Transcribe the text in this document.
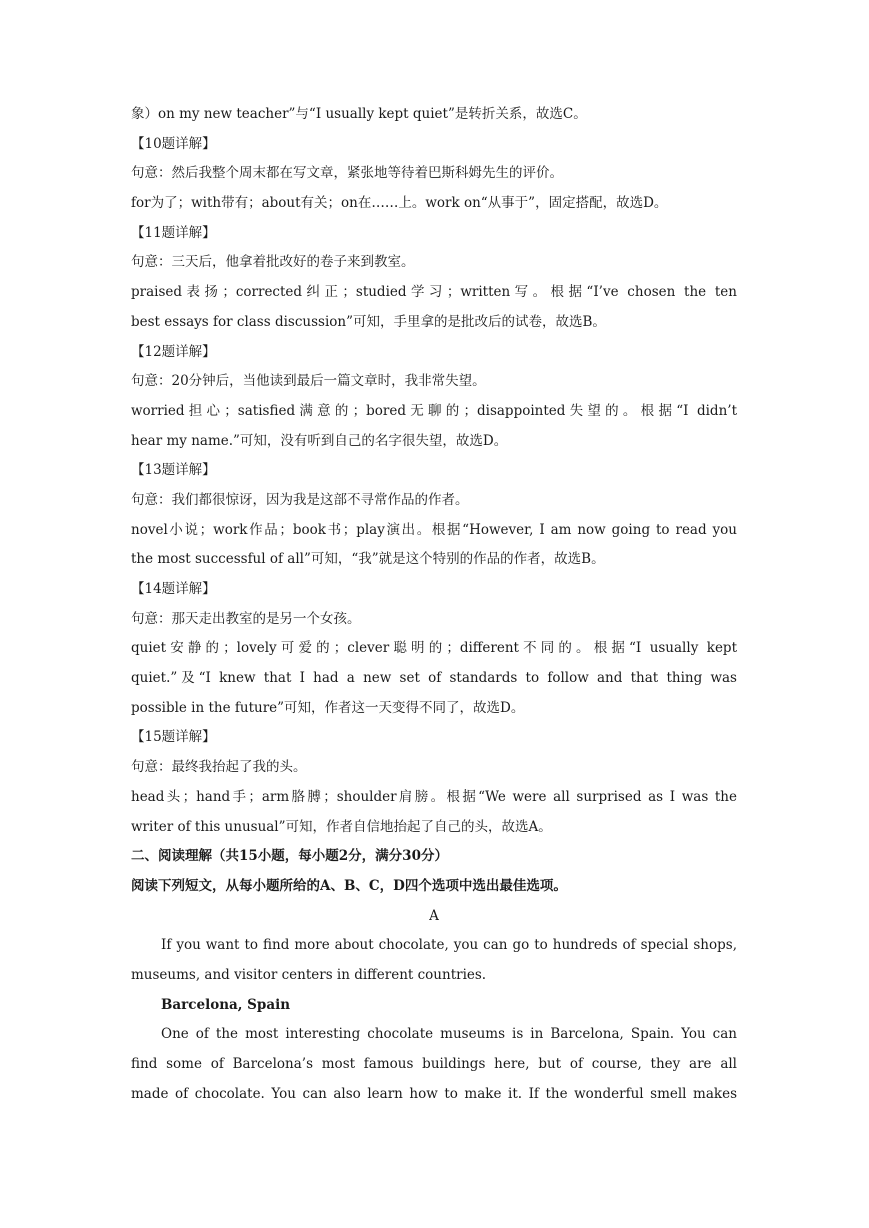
象）on my new teacher”与“I usually kept quiet”是转折关系，故选C。
【10题详解】
句意：然后我整个周末都在写文章，紧张地等待着巴斯科姆先生的评价。
for为了；with带有；about有关；on在……上。work on“从事于”，固定搭配，故选D。
【11题详解】
句意：三天后，他拿着批改好的卷子来到教室。
praised表扬；corrected纠正；studied学习；written写。根据“I’ve chosen the ten
best essays for class discussion”可知，手里拿的是批改后的试卷，故选B。
【12题详解】
句意：20分钟后，当他读到最后一篇文章时，我非常失望。
worried担心；satisfied满意的；bored无聊的；disappointed失望的。根据“I didn’t
hear my name.”可知，没有听到自己的名字很失望，故选D。
【13题详解】
句意：我们都很惊讶，因为我是这部不寻常作品的作者。
novel小说；work作品；book书；play演出。根据“However, I am now going to read you
the most successful of all”可知，“我”就是这个特别的作品的作者，故选B。
【14题详解】
句意：那天走出教室的是另一个女孩。
quiet安静的；lovely可爱的；clever聪明的；different不同的。根据“I usually kept
quiet.”及“I knew that I had a new set of standards to follow and that thing was
possible in the future”可知，作者这一天变得不同了，故选D。
【15题详解】
句意：最终我抬起了我的头。
head头；hand手；arm胳膊；shoulder肩膀。根据“We were all surprised as I was the
writer of this unusual”可知，作者自信地抬起了自己的头，故选A。
二、阅读理解（共15小题，每小题2分，满分30分）
阅读下列短文，从每小题所给的A、B、C，D四个选项中选出最佳选项。
A
If you want to find more about chocolate, you can go to hundreds of special shops,
museums, and visitor centers in different countries.
Barcelona, Spain
One of the most interesting chocolate museums is in Barcelona, Spain. You can
find some of Barcelona’s most famous buildings here, but of course, they are all
made of chocolate. You can also learn how to make it. If the wonderful smell makes
